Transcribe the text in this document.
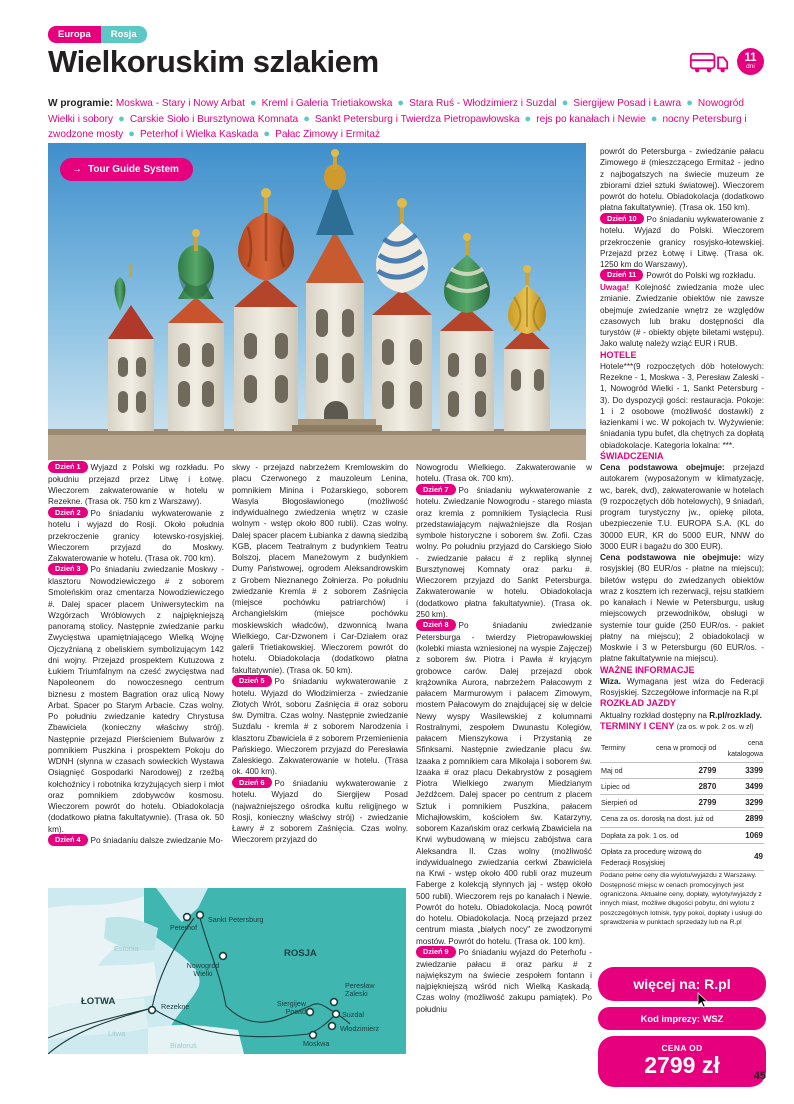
Europa	Rosja
Wielkoruskim szlakiem	11
dni
W programie: Moskwa - Stary i Nowy Arbat ● Kreml i Galeria Trietiakowska ● Stara Ruś - Włodzimierz i Suzdal ● Siergijew Posad i Ławra ● Nowogród Wielki i sobory ● Carskie Sioło i Bursztynowa Komnata ● Sankt Petersburg i Twierdza Pietropawłowska ● rejs po kanałach i Newie ● nocny Petersburg i zwodzone mosty ● Peterhof i Wielka Kaskada ● Pałac Zimowy i Ermitaż
→ Tour Guide System

Dzień 1 Wyjazd z Polski wg rozkładu. Po południu przejazd przez Litwę i Łotwę. Wieczorem zakwaterowanie w hotelu w Rezekne. (Trasa ok. 750 km z Warszawy).

Dzień 2 Po śniadaniu wykwaterowanie z hotelu i wyjazd do Rosji. Około południa przekroczenie granicy łotewsko-rosyjskiej. Wieczorem przyjazd do Moskwy. Zakwaterowanie w hotelu. (Trasa ok. 700 km).

Dzień 3 Po śniadaniu zwiedzanie Moskwy - klasztoru Nowodziewiczego # z soborem Smoleńskim oraz cmentarza Nowodziewiczego #. Dalej spacer placem Uniwersyteckim na Wzgórzach Wróblowych z najpiękniejszą panoramą stolicy. Następnie zwiedzanie parku Zwycięstwa upamiętniającego Wielką Wojnę Ojczyźnianą z obeliskiem symbolizującym 142 dni wojny. Przejazd prospektem Kutuzowa z Łukiem Triumfalnym na cześć zwycięstwa nad Napoleonem do nowoczesnego centrum biznesu z mostem Bagration oraz ulicą Nowy Arbat. Spacer po Starym Arbacie. Czas wolny. Po południu zwiedzanie katedry Chrystusa Zbawiciela (konieczny właściwy strój). Następnie przejazd Pierścieniem Bulwarów z pomnikiem Puszkina i prospektem Pokoju do WDNH (słynna w czasach sowieckich Wystawa Osiągnięć Gospodarki Narodowej) z rzeźbą kołchoźnicy i robotnika krzyżujących sierp i młot oraz pomnikiem zdobywców kosmosu. Wieczorem powrót do hotelu. Obiadokolacja (dodatkowo płatna fakultatywnie). (Trasa ok. 50 km).

Dzień 4 Po śniadaniu dalsze zwiedzanie Mo-

skwy - przejazd nabrzeżem Kremlowskim do placu Czerwonego z mauzoleum Lenina, pomnikiem Minina i Pożarskiego, soborem Wasyla Błogosławionego (możliwość indywidualnego zwiedzenia wnętrz w czasie wolnym - wstęp około 800 rubli). Czas wolny. Dalej spacer placem Łubianka z dawną siedzibą KGB, placem Teatralnym z budynkiem Teatru Bolszoj, placem Maneżowym z budynkiem Dumy Państwowej, ogrodem Aleksandrowskim z Grobem Nieznanego Żołnierza. Po południu zwiedzanie Kremla # z soborem Zaśnięcia (miejsce pochówku patriarchów) i Archangielskim (miejsce pochówku moskiewskich władców), dzwonnicą Iwana Wielkiego, Car-Dzwonem i Car-Działem oraz galerii Trietiakowskiej. Wieczorem powrót do hotelu. Obiadokolacja (dodatkowo płatna fakultatywnie). (Trasa ok. 50 km).

Dzień 5 Po śniadaniu wykwaterowanie z hotelu. Wyjazd do Włodzimierza - zwiedzanie Złotych Wrót, soboru Zaśnięcia # oraz soboru św. Dymitra. Czas wolny. Następnie zwiedzanie Suzdalu - kremla # z soborem Narodzenia i klasztoru Zbawiciela # z soborem Przemienienia Pańskiego. Wieczorem przyjazd do Peresławia Zaleskiego. Zakwaterowanie w hotelu. (Trasa ok. 400 km).

Dzień 6 Po śniadaniu wykwaterowanie z hotelu. Wyjazd do Siergijew Posad (najważniejszego ośrodka kultu religijnego w Rosji, konieczny właściwy strój) - zwiedzanie Ławry # z soborem Zaśnięcia. Czas wolny. Wieczorem przyjazd do

Nowogrodu Wielkiego. Zakwaterowanie w hotelu. (Trasa ok. 700 km).

Dzień 7 Po śniadaniu wykwaterowanie z hotelu. Zwiedzanie Nowogrodu - starego miasta oraz kremla z pomnikiem Tysiąclecia Rusi przedstawiającym najważniejsze dla Rosjan symbole historyczne i soborem św. Zofii. Czas wolny. Po południu przyjazd do Carskiego Sioło - zwiedzanie pałacu # z repliką słynnej Bursztynowej Komnaty oraz parku #. Wieczorem przyjazd do Sankt Petersburga. Zakwaterowanie w hotelu. Obiadokolacja (dodatkowo płatna fakultatywnie). (Trasa ok. 250 km).

Dzień 8 Po śniadaniu zwiedzanie Petersburga - twierdzy Pietropawłowskiej (kolebki miasta wzniesionej na wyspie Zajęczej) z soborem św. Piotra i Pawła # kryjącym grobowce carów. Dalej przejazd obok krążownika Aurora, nabrzeżem Pałacowym z pałacem Marmurowym i pałacem Zimowym, mostem Pałacowym do znajdującej się w delcie Newy wyspy Wasilewskiej z kolumnami Rostralnymi, zespołem Dwunastu Kolegiów, pałacem Mienszykowa i Przystanią ze Sfinksami. Następnie zwiedzanie placu św. Izaaka z pomnikiem cara Mikołaja i soborem św. Izaaka # oraz placu Dekabrystów z posągiem Piotra Wielkiego zwanym Miedzianym Jeźdźcem. Dalej spacer po centrum z placem Sztuk i pomnikiem Puszkina, pałacem Michajłowskim, kościołem św. Katarzyny, soborem Kazańskim oraz cerkwią Zbawiciela na Krwi wybudowaną w miejscu zabójstwa cara Aleksandra II. Czas wolny (możliwość indywidualnego zwiedzania cerkwi Zbawiciela na Krwi - wstęp około 400 rubli oraz muzeum Faberge z kolekcją słynnych jaj - wstęp około 500 rubli). Wieczorem rejs po kanałach i Newie. Powrót do hotelu. Obiadokolacja. Nocą powrót do hotelu. Obiadokolacja. Nocą przejazd przez centrum miasta „białych nocy" ze zwodzonymi mostów. Powrót do hotelu. (Trasa ok. 100 km).

Dzień 9 Po śniadaniu wyjazd do Peterhofu - zwiedzanie pałacu # oraz parku # z największym na świecie zespołem fontann i najpiękniejszą wśród nich Wielką Kaskadą. Czas wolny (możliwość zakupu pamiątek). Po południu

Peterhof
Sankt Petersburg
Nowogród
Wielki
Rezekne
Peresław
Zaleski
Siergijew
Posad	Suzdal
Włodzimierz
Moskwa
ROSJA
ŁOTWA
Estonia
Litwa
Białoruś

powrót do Petersburga - zwiedzanie pałacu Zimowego # (mieszczącego Ermitaż - jedno z najbogatszych na świecie muzeum ze zbiorami dzieł sztuki światowej). Wieczorem powrót do hotelu. Obiadokolacja (dodatkowo płatna fakultatywnie). (Trasa ok. 150 km).

Dzień 10 Po śniadaniu wykwaterowanie z hotelu. Wyjazd do Polski. Wieczorem przekroczenie granicy rosyjsko-łotewskiej. Przejazd przez Łotwę i Litwę. (Trasa ok. 1250 km do Warszawy).

Dzień 11 Powrót do Polski wg rozkładu.

Uwaga! Kolejność zwiedzania może ulec zmianie. Zwiedzanie obiektów nie zawsze obejmuje zwiedzanie wnętrz ze względów czasowych lub braku dostępności dla turystów (# - obiekty objęte biletami wstępu). Jako walutę należy wziąć EUR i RUB.

HOTELE

Hotele***(9 rozpoczętych dób hotelowych: Rezekne - 1, Moskwa - 3, Peresław Zaleski - 1, Nowogród Wielki - 1, Sankt Petersburg - 3). Do dyspozycji gości: restauracja. Pokoje: 1 i 2 osobowe (możliwość dostawki) z łazienkami i wc. W pokojach tv. Wyżywienie: śniadania typu bufet, dla chętnych za dopłatą obiadokolacje. Kategoria lokalna: ***.

ŚWIADCZENIA

Cena podstawowa obejmuje: przejazd autokarem (wyposażonym w klimatyzację, wc, barek, dvd), zakwaterowanie w hotelach (9 rozpoczętych dób hotelowych), 9 śniadań, program turystyczny jw., opiekę pilota, ubezpieczenie T.U. EUROPA S.A. (KL do 30000 EUR, KR do 5000 EUR, NNW do 3000 EUR i bagażu do 300 EUR).

Cena podstawowa nie obejmuje: wizy rosyjskiej (80 EUR/os - płatne na miejscu); biletów wstępu do zwiedzanych obiektów wraz z kosztem ich rezerwacji, rejsu statkiem po kanałach i Newie w Petersburgu, usług miejscowych przewodników, obsługi w systemie tour guide (250 EUR/os. - pakiet płatny na miejscu); 2 obiadokolacji w Moskwie i 3 w Petersburgu (60 EUR/os. - płatne fakultatywnie na miejscu).

WAŻNE INFORMACJE

Wiza. Wymagana jest wiza do Federacji Rosyjskiej. Szczegółowe informacje na R.pl

ROZKŁAD JAZDY

Aktualny rozkład dostępny na R.pl/rozklady.

TERMINY I CENY (za os. w pok. 2 os. w zł)

Terminy	cena w promocji od	cena katalogowa
Maj od	2799	3399
Lipiec od	2870	3499
Sierpień od	2799	3299
Cena za os. dorosłą na dost. już od		2899
Dopłata za pok. 1 os. od		1069
Opłata za procedurę wizową do Federacji Rosyjskiej		49

Podano pełne ceny dla wylotu/wyjazdu z Warszawy. Dostępność miejsc w cenach promocyjnych jest ograniczona. Aktualne ceny, dopłaty, wyloty/wyjazdy z innych miast, możliwe długości pobytu, dni wylotu z poszczególnych lotnisk, typy pokoi, dopłaty i usługi do sprawdzenia w punktach sprzedaży lub na R.pl

więcej na: R.pl
Kod imprezy: WSZ
CENA OD
2799 zł	45
